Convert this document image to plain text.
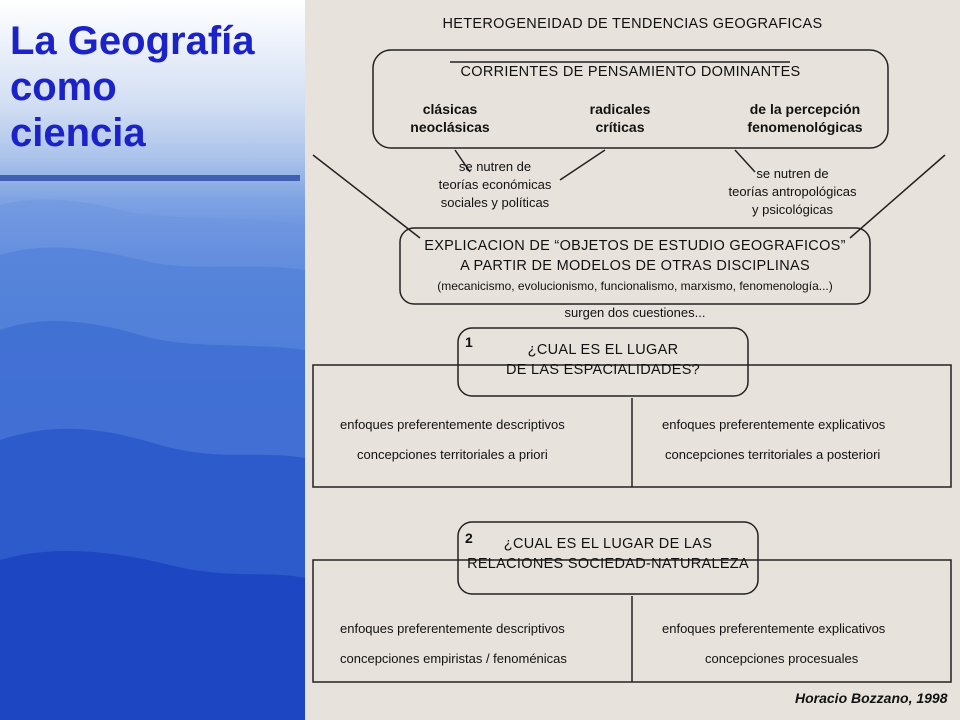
La Geografía
como
ciencia
HETEROGENEIDAD DE TENDENCIAS GEOGRAFICAS
CORRIENTES DE PENSAMIENTO DOMINANTES
clásicas
neoclásicas
radicales
críticas
de la percepción
fenomenológicas
se nutren de
teorías económicas
sociales y políticas
se nutren de
teorías antropológicas
y psicológicas
EXPLICACION DE “OBJETOS DE ESTUDIO GEOGRAFICOS”
A PARTIR DE MODELOS DE OTRAS DISCIPLINAS
(mecanicismo, evolucionismo, funcionalismo, marxismo, fenomenología...)
surgen dos cuestiones...
1	¿CUAL ES EL LUGAR
DE LAS ESPACIALIDADES?
enfoques preferentemente descriptivos
concepciones territoriales a priori
enfoques preferentemente explicativos
concepciones territoriales a posteriori
2	¿CUAL ES EL LUGAR DE LAS
RELACIONES SOCIEDAD-NATURALEZA
enfoques preferentemente descriptivos
concepciones empiristas / fenoménicas
enfoques preferentemente explicativos
concepciones procesuales
Horacio Bozzano, 1998
